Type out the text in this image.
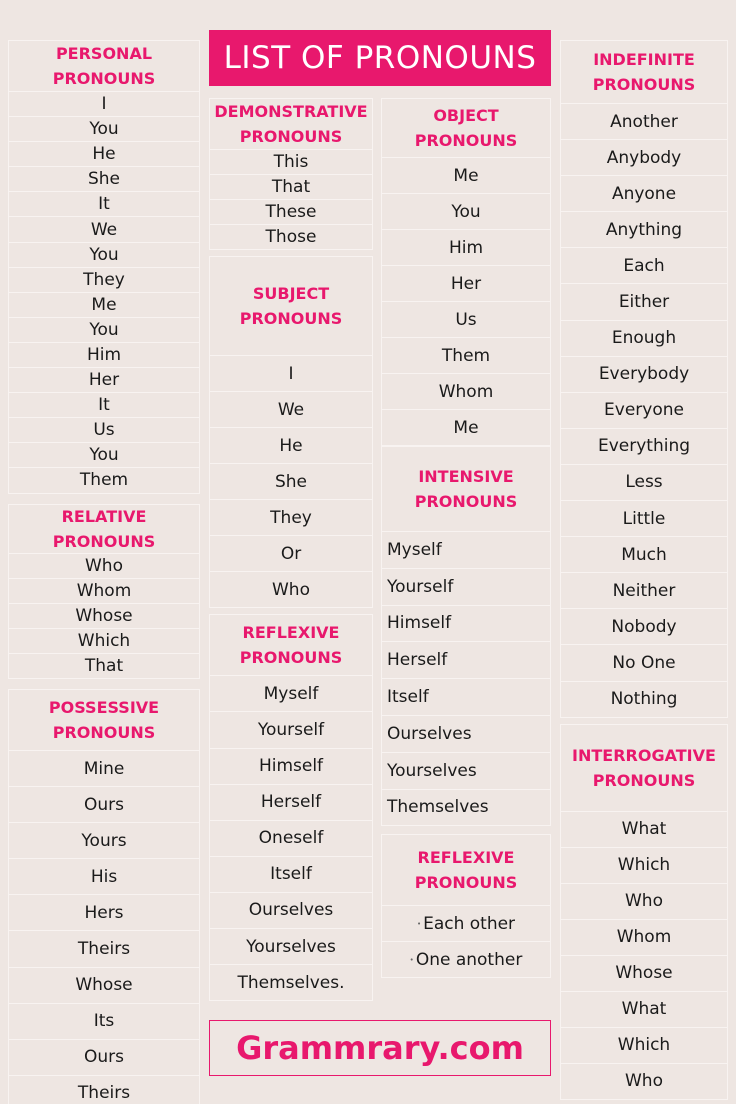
LIST OF PRONOUNS
PERSONAL
PRONOUNS
I
You
He
She
It
We
You
They
Me
You
Him
Her
It
Us
You
Them
RELATIVE
PRONOUNS
Who
Whom
Whose
Which
That
POSSESSIVE
PRONOUNS
Mine
Ours
Yours
His
Hers
Theirs
Whose
Its
Ours
Theirs
DEMONSTRATIVE
PRONOUNS
This
That
These
Those
SUBJECT
PRONOUNS
I
We
He
She
They
Or
Who
REFLEXIVE
PRONOUNS
Myself
Yourself
Himself
Herself
Oneself
Itself
Ourselves
Yourselves
Themselves.
OBJECT
PRONOUNS
Me
You
Him
Her
Us
Them
Whom
Me
INTENSIVE
PRONOUNS
Myself
Yourself
Himself
Herself
Itself
Ourselves
Yourselves
Themselves
REFLEXIVE
PRONOUNS
• Each other
• One another
INDEFINITE
PRONOUNS
Another
Anybody
Anyone
Anything
Each
Either
Enough
Everybody
Everyone
Everything
Less
Little
Much
Neither
Nobody
No One
Nothing
INTERROGATIVE
PRONOUNS
What
Which
Who
Whom
Whose
What
Which
Who
Grammrary.com
